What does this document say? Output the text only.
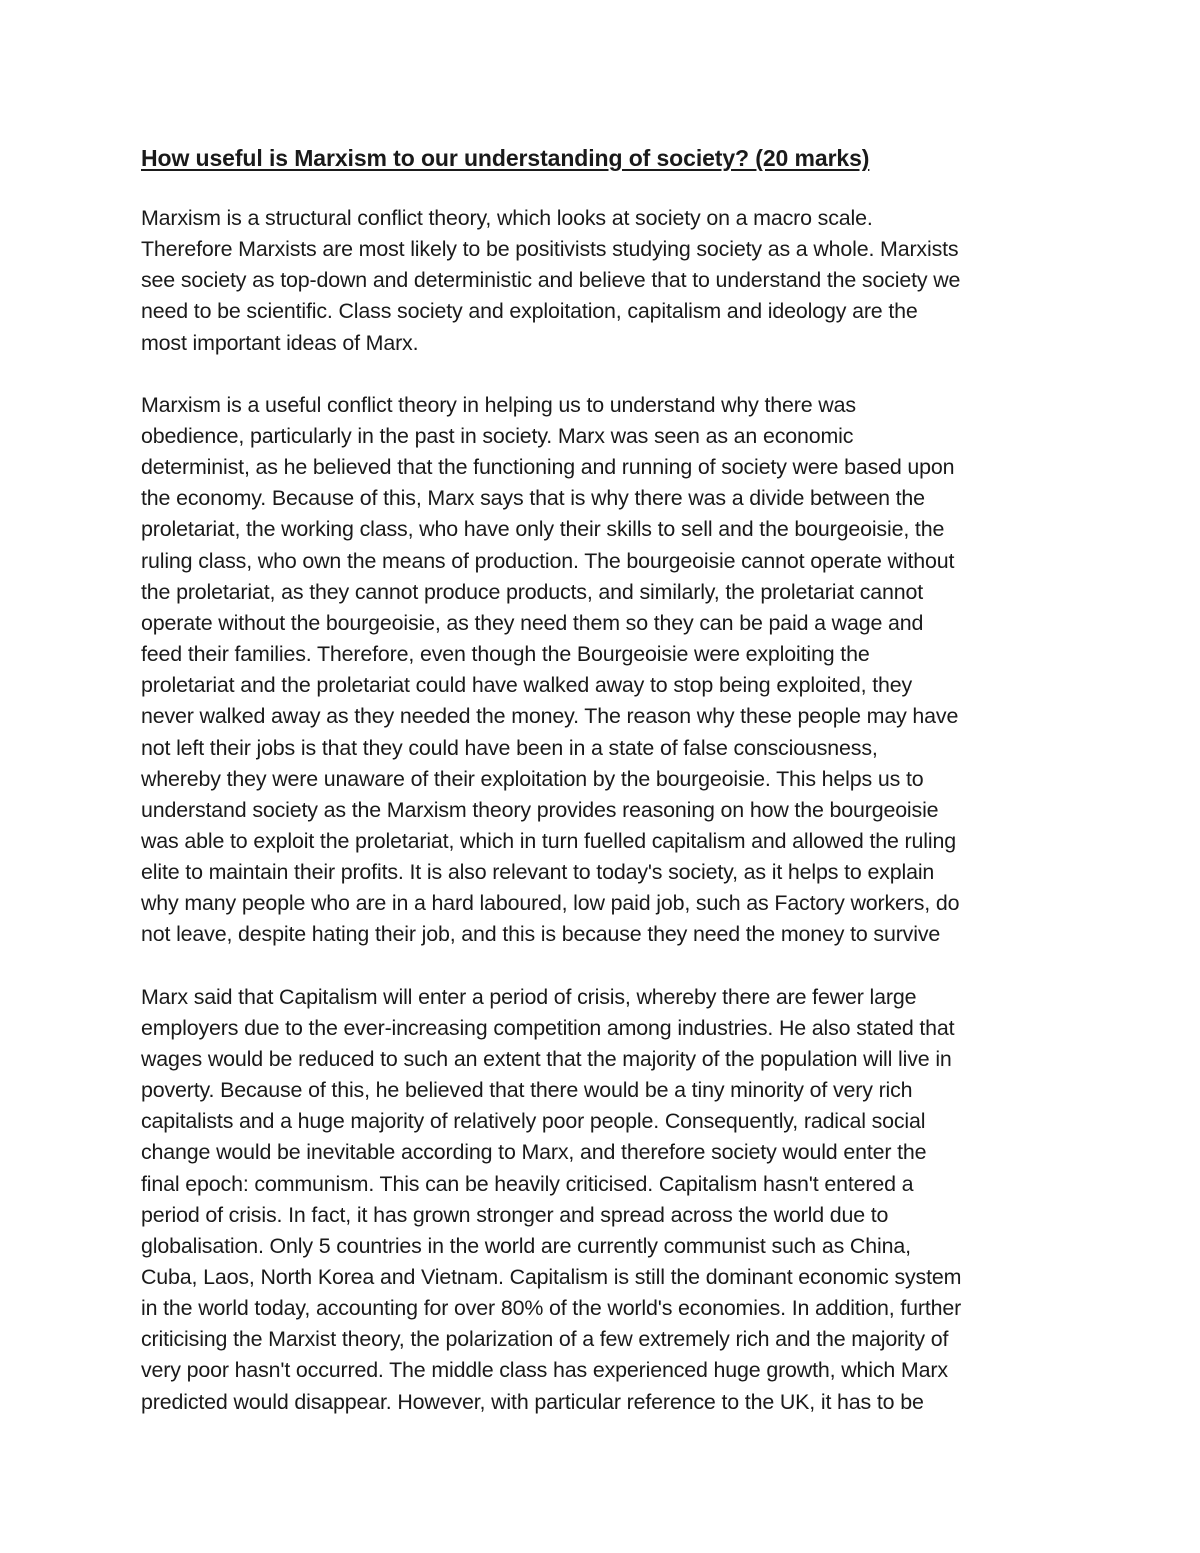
How useful is Marxism to our understanding of society? (20 marks)

Marxism is a structural conflict theory, which looks at society on a macro scale.
Therefore Marxists are most likely to be positivists studying society as a whole. Marxists
see society as top-down and deterministic and believe that to understand the society we
need to be scientific. Class society and exploitation, capitalism and ideology are the
most important ideas of Marx.

Marxism is a useful conflict theory in helping us to understand why there was
obedience, particularly in the past in society. Marx was seen as an economic
determinist, as he believed that the functioning and running of society were based upon
the economy. Because of this, Marx says that is why there was a divide between the
proletariat, the working class, who have only their skills to sell and the bourgeoisie, the
ruling class, who own the means of production. The bourgeoisie cannot operate without
the proletariat, as they cannot produce products, and similarly, the proletariat cannot
operate without the bourgeoisie, as they need them so they can be paid a wage and
feed their families. Therefore, even though the Bourgeoisie were exploiting the
proletariat and the proletariat could have walked away to stop being exploited, they
never walked away as they needed the money. The reason why these people may have
not left their jobs is that they could have been in a state of false consciousness,
whereby they were unaware of their exploitation by the bourgeoisie. This helps us to
understand society as the Marxism theory provides reasoning on how the bourgeoisie
was able to exploit the proletariat, which in turn fuelled capitalism and allowed the ruling
elite to maintain their profits. It is also relevant to today's society, as it helps to explain
why many people who are in a hard laboured, low paid job, such as Factory workers, do
not leave, despite hating their job, and this is because they need the money to survive

Marx said that Capitalism will enter a period of crisis, whereby there are fewer large
employers due to the ever-increasing competition among industries. He also stated that
wages would be reduced to such an extent that the majority of the population will live in
poverty. Because of this, he believed that there would be a tiny minority of very rich
capitalists and a huge majority of relatively poor people. Consequently, radical social
change would be inevitable according to Marx, and therefore society would enter the
final epoch: communism. This can be heavily criticised. Capitalism hasn't entered a
period of crisis. In fact, it has grown stronger and spread across the world due to
globalisation. Only 5 countries in the world are currently communist such as China,
Cuba, Laos, North Korea and Vietnam. Capitalism is still the dominant economic system
in the world today, accounting for over 80% of the world's economies. In addition, further
criticising the Marxist theory, the polarization of a few extremely rich and the majority of
very poor hasn't occurred. The middle class has experienced huge growth, which Marx
predicted would disappear. However, with particular reference to the UK, it has to be
